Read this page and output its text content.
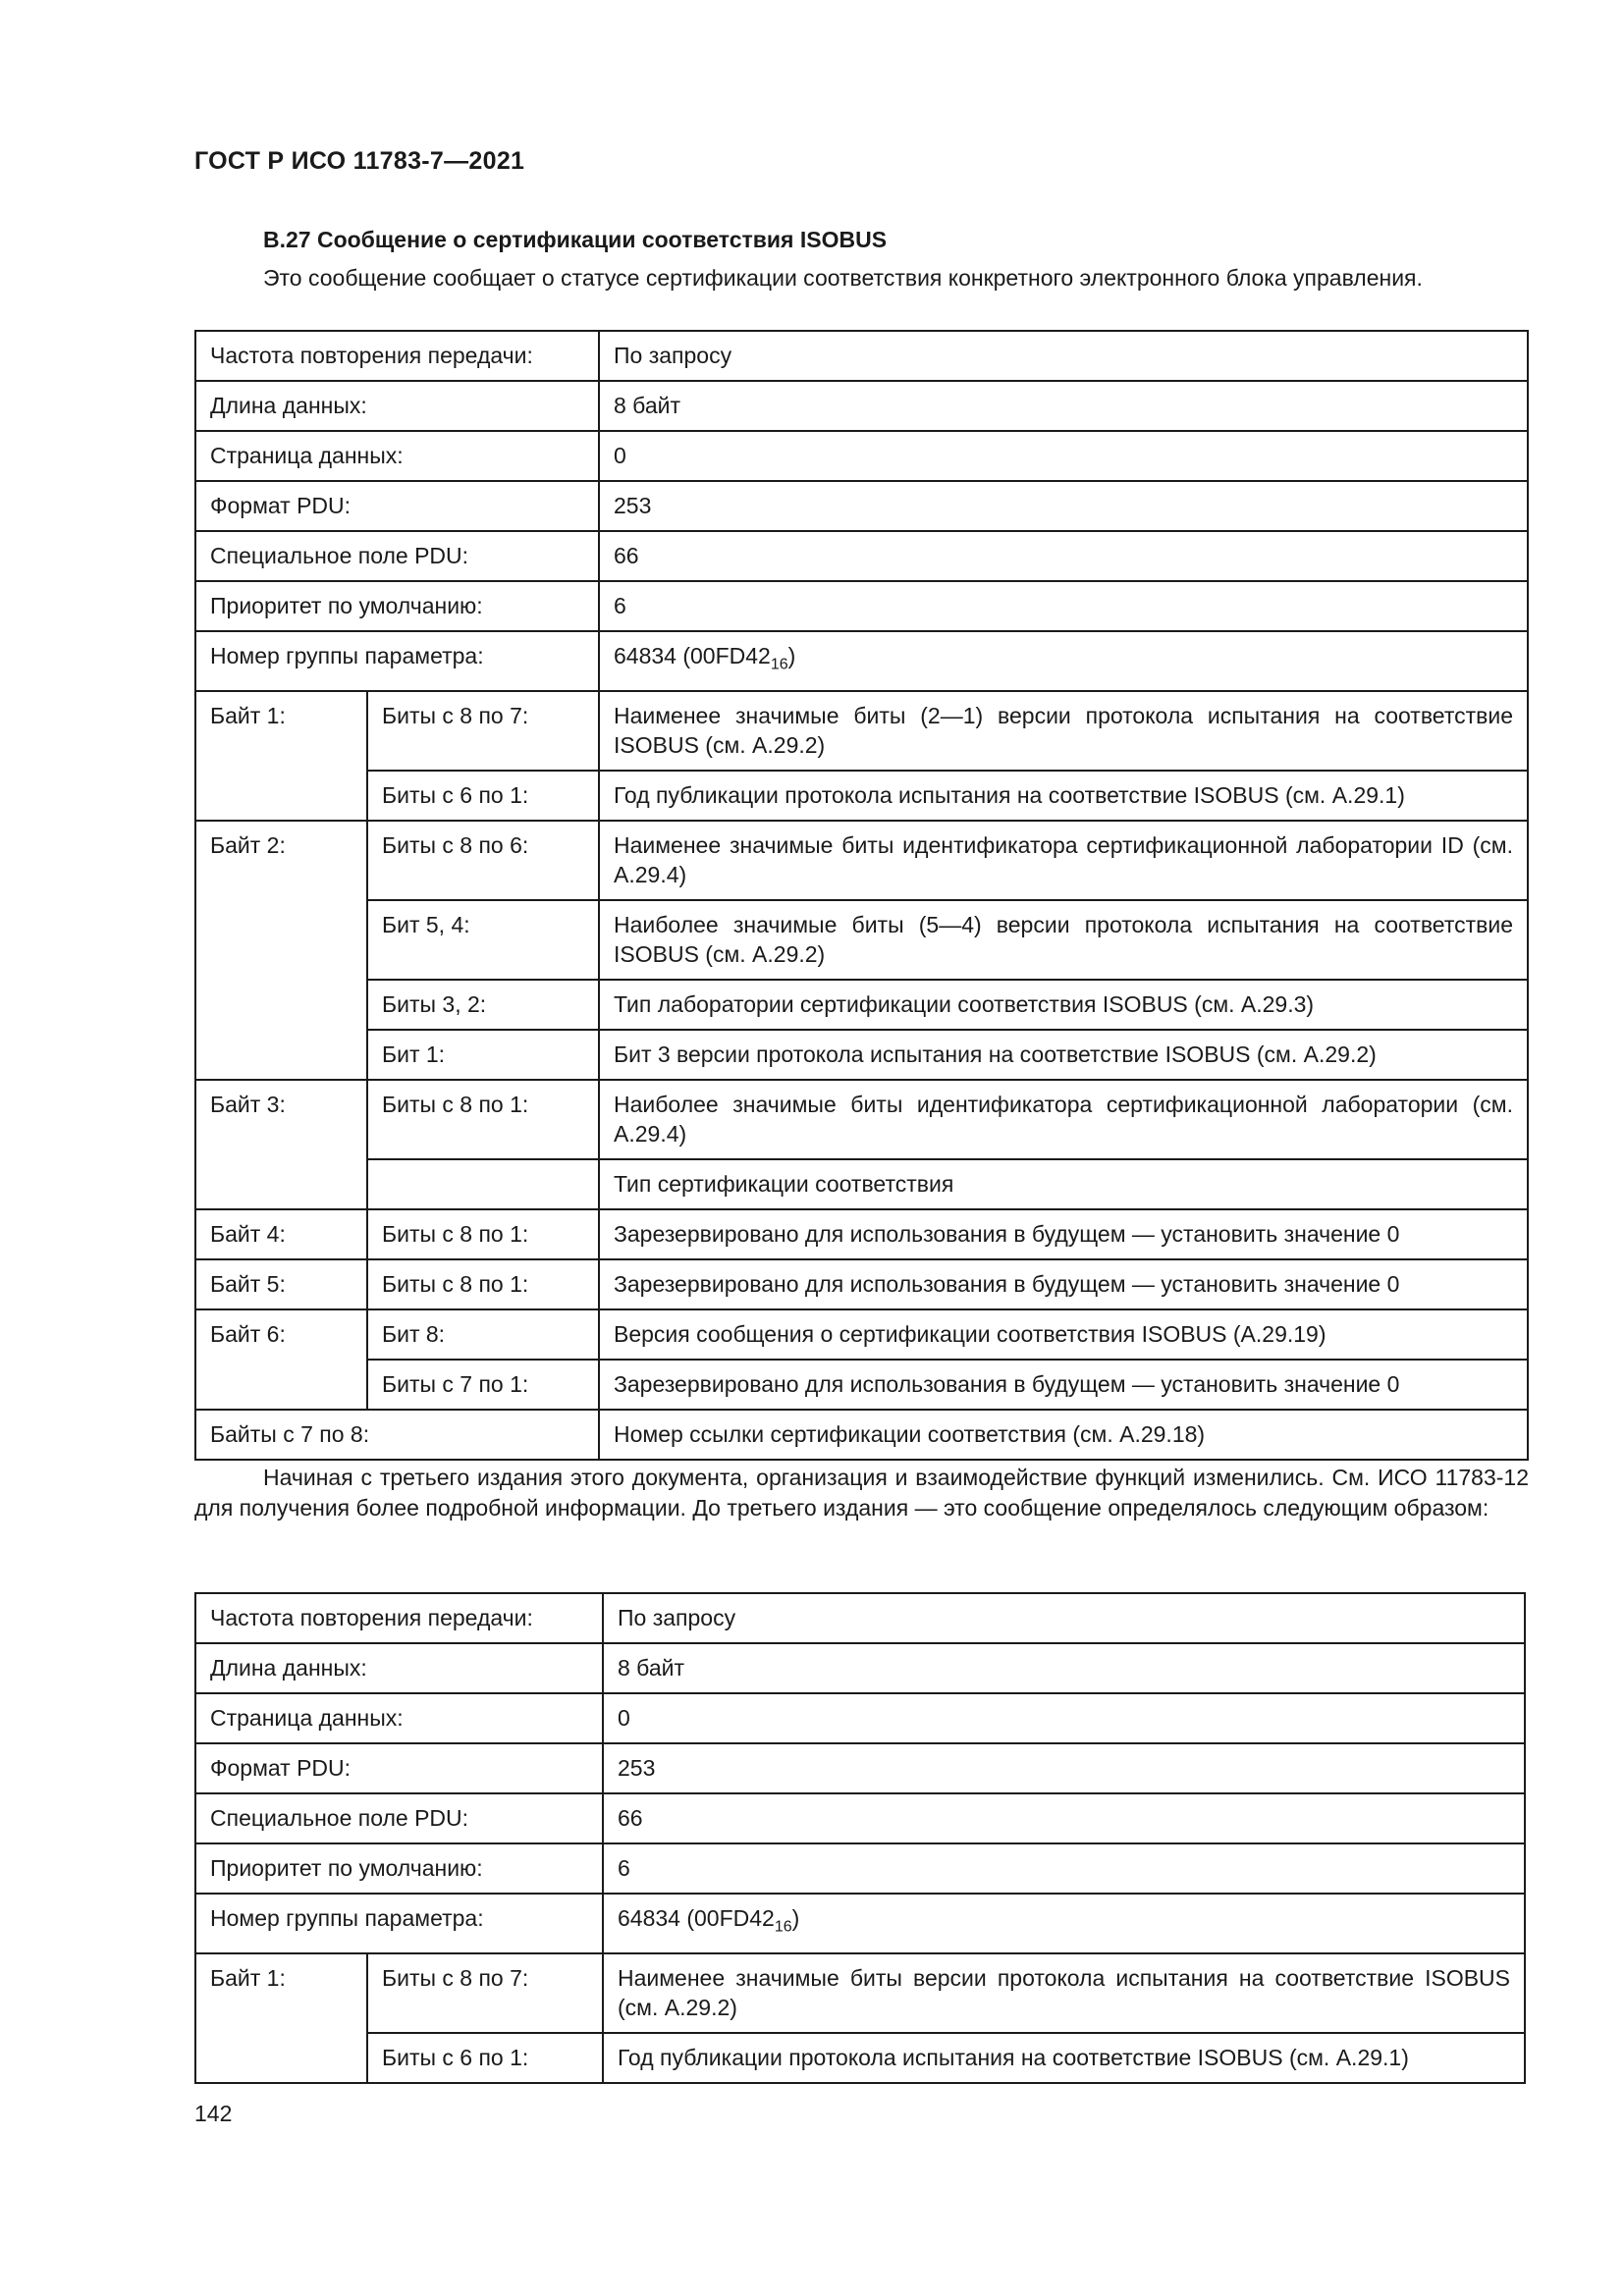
ГОСТ Р ИСО 11783-7—2021
B.27 Сообщение о сертификации соответствия ISOBUS
Это сообщение сообщает о статусе сертификации соответствия конкретного электронного блока управления.
Частота повторения передачи:		По запросу
Длина данных:		8 байт
Страница данных:		0
Формат PDU:		253
Специальное поле PDU:		66
Приоритет по умолчанию:		6
Номер группы параметра:		64834 $(00FD42_{16})$
Байт 1:	Биты с 8 по 7:	Наименее значимые биты (2—1) версии протокола испытания на соответствие ISOBUS (см. A.29.2)
	Биты с 6 по 1:	Год публикации протокола испытания на соответствие ISOBUS (см. A.29.1)
Байт 2:	Биты с 8 по 6:	Наименее значимые биты идентификатора сертификационной лаборатории ID (см. A.29.4)
	Бит 5, 4:	Наиболее значимые биты (5—4) версии протокола испытания на соответствие ISOBUS (см. A.29.2)
	Биты 3, 2:	Тип лаборатории сертификации соответствия ISOBUS (см. A.29.3)
	Бит 1:	Бит 3 версии протокола испытания на соответствие ISOBUS (см. A.29.2)
Байт 3:	Биты с 8 по 1:	Наиболее значимые биты идентификатора сертификационной лаборатории (см. A.29.4)
		Тип сертификации соответствия
Байт 4:	Биты с 8 по 1:	Зарезервировано для использования в будущем — установить значение 0
Байт 5:	Биты с 8 по 1:	Зарезервировано для использования в будущем — установить значение 0
Байт 6:	Бит 8:	Версия сообщения о сертификации соответствия ISOBUS (A.29.19)
	Биты с 7 по 1:	Зарезервировано для использования в будущем — установить значение 0
Байты с 7 по 8:		Номер ссылки сертификации соответствия (см. A.29.18)
Начиная с третьего издания этого документа, организация и взаимодействие функций изменились. См. ИСО 11783-12 для получения более подробной информации. До третьего издания — это сообщение определялось следующим образом:
Частота повторения передачи:		По запросу
Длина данных:		8 байт
Страница данных:		0
Формат PDU:		253
Специальное поле PDU:		66
Приоритет по умолчанию:		6
Номер группы параметра:		64834 $(00FD42_{16})$
Байт 1:	Биты с 8 по 7:	Наименее значимые биты версии протокола испытания на соответствие ISOBUS (см. A.29.2)
	Биты с 6 по 1:	Год публикации протокола испытания на соответствие ISOBUS (см. A.29.1)
142
